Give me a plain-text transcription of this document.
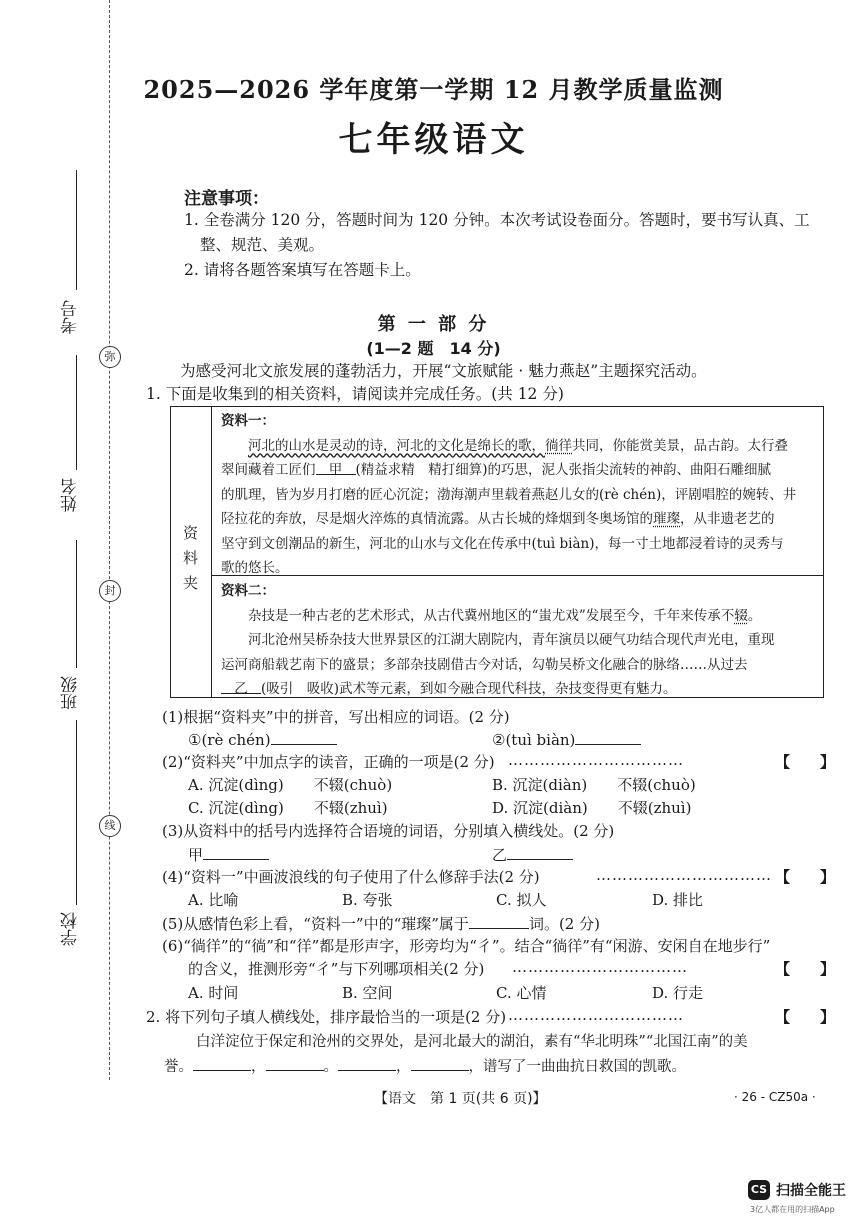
弥
封
线
考号
姓名
班级
学校
2025—2026 学年度第一学期 12 月教学质量监测
七年级语文
注意事项：
1. 全卷满分 120 分，答题时间为 120 分钟。本次考试设卷面分。答题时，要书写认真、工
整、规范、美观。
2. 请将各题答案填写在答题卡上。
第 一 部 分
(1—2 题　14 分)
为感受河北文旅发展的蓬勃活力，开展“文旅赋能 · 魅力燕赵”主题探究活动。
1. 下面是收集到的相关资料，请阅读并完成任务。(共 12 分)
资
料
夹
资料一：
河北的山水是灵动的诗，河北的文化是绵长的歌，徜徉共同，你能赏美景，品古韵。太行叠
翠间藏着工匠们 甲 (精益求精　精打细算)的巧思，泥人张指尖流转的神韵、曲阳石雕细腻
的肌理，皆为岁月打磨的匠心沉淀；渤海潮声里载着燕赵儿女的(rè chén)，评剧唱腔的婉转、井
陉拉花的奔放，尽是烟火淬炼的真情流露。从古长城的烽烟到冬奥场馆的璀璨，从非遗老艺的
坚守到文创潮品的新生，河北的山水与文化在传承中(tuì biàn)，每一寸土地都浸着诗的灵秀与
歌的悠长。
资料二：
杂技是一种古老的艺术形式，从古代冀州地区的“蚩尤戏”发展至今，千年来传承不辍。
河北沧州吴桥杂技大世界景区的江湖大剧院内，青年演员以硬气功结合现代声光电，重现
运河商船载艺南下的盛景；多部杂技剧借古今对话，勾勒吴桥文化融合的脉络……从过去
乙 (吸引　吸收)武术等元素，到如今融合现代科技，杂技变得更有魅力。
(1)根据“资料夹”中的拼音，写出相应的词语。(2 分)
①(rè chén)	②(tuì biàn)
(2)“资料夹”中加点字的读音，正确的一项是(2 分) ……………………………	【　　】
A. 沉淀(dìng)　　不辍(chuò)	B. 沉淀(diàn)　　不辍(chuò)
C. 沉淀(dìng)　　不辍(zhuì)	D. 沉淀(diàn)　　不辍(zhuì)
(3)从资料中的括号内选择符合语境的词语，分别填入横线处。(2 分)
甲	乙
(4)“资料一”中画波浪线的句子使用了什么修辞手法(2 分)	…………………………… 【　　】
A. 比喻	B. 夸张	C. 拟人	D. 排比
(5)从感情色彩上看，“资料一”中的“璀璨”属于	词。(2 分)
(6)“徜徉”的“徜”和“徉”都是形声字，形旁均为“彳”。结合“徜徉”有“闲游、安闲自在地步行”
的含义，推测形旁“彳”与下列哪项相关(2 分) ……………………………	【　　】
A. 时间	B. 空间	C. 心情	D. 行走
2. 将下列句子填人横线处，排序最恰当的一项是(2 分) ……………………………	【　　】
白洋淀位于保定和沧州的交界处，是河北最大的湖泊，素有“华北明珠”“北国江南”的美
誉。	，	。	，	，谱写了一曲曲抗日救国的凯歌。
【语文　第 1 页(共 6 页)】	· 26 - CZ50a ·
CS 扫描全能王
3亿人都在用的扫描App
